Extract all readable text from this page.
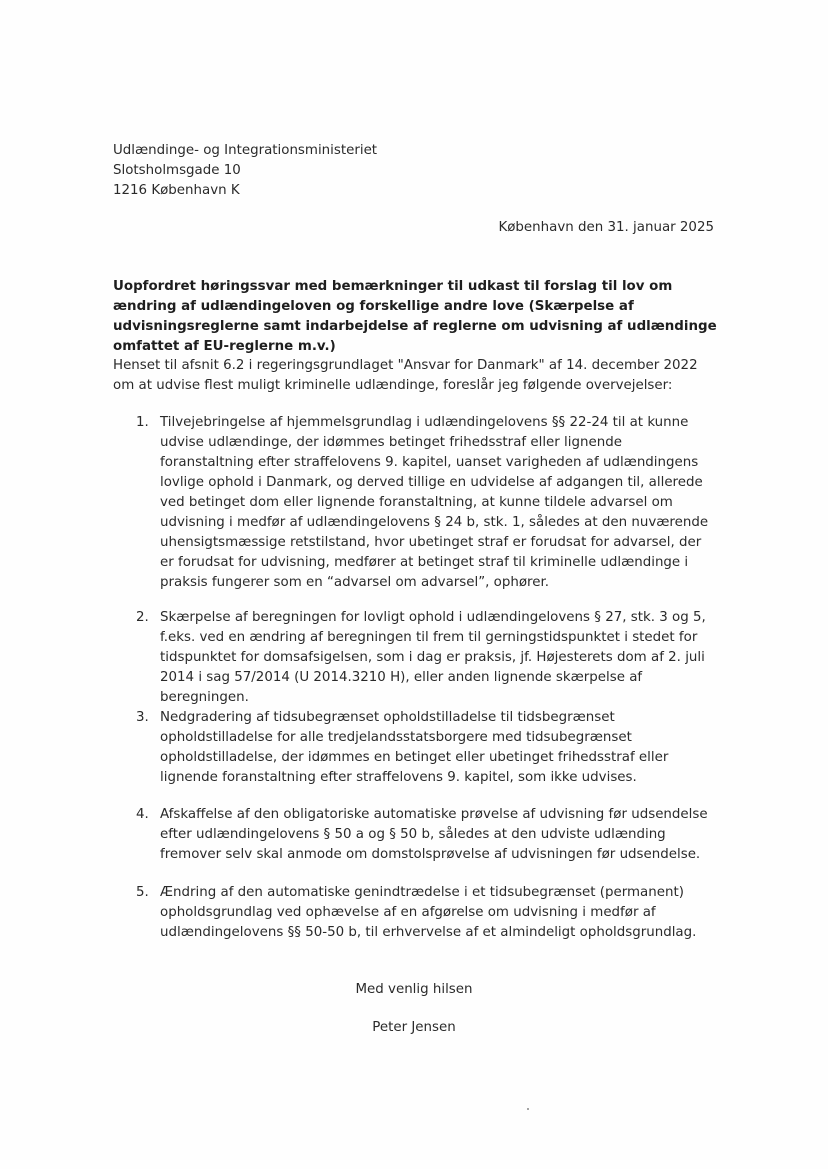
Udlændinge- og Integrationsministeriet
Slotsholmsgade 10
1216 København K
København den 31. januar 2025
Uopfordret høringssvar med bemærkninger til udkast til forslag til lov om ændring af udlændingeloven og forskellige andre love (Skærpelse af udvisningsreglerne samt indarbejdelse af reglerne om udvisning af udlændinge omfattet af EU-reglerne m.v.)
Henset til afsnit 6.2 i regeringsgrundlaget "Ansvar for Danmark" af 14. december 2022 om at udvise flest muligt kriminelle udlændinge, foreslår jeg følgende overvejelser:
1. Tilvejebringelse af hjemmelsgrundlag i udlændingelovens §§ 22-24 til at kunne udvise udlændinge, der idømmes betinget frihedsstraf eller lignende foranstaltning efter straffelovens 9. kapitel, uanset varigheden af udlændingens lovlige ophold i Danmark, og derved tillige en udvidelse af adgangen til, allerede ved betinget dom eller lignende foranstaltning, at kunne tildele advarsel om udvisning i medfør af udlændingelovens § 24 b, stk. 1, således at den nuværende uhensigtsmæssige retstilstand, hvor ubetinget straf er forudsat for advarsel, der er forudsat for udvisning, medfører at betinget straf til kriminelle udlændinge i praksis fungerer som en “advarsel om advarsel”, ophører.
2. Skærpelse af beregningen for lovligt ophold i udlændingelovens § 27, stk. 3 og 5, f.eks. ved en ændring af beregningen til frem til gerningstidspunktet i stedet for tidspunktet for domsafsigelsen, som i dag er praksis, jf. Højesterets dom af 2. juli 2014 i sag 57/2014 (U 2014.3210 H), eller anden lignende skærpelse af beregningen.
3. Nedgradering af tidsubegrænset opholdstilladelse til tidsbegrænset opholdstilladelse for alle tredjelandsstatsborgere med tidsubegrænset opholdstilladelse, der idømmes en betinget eller ubetinget frihedsstraf eller lignende foranstaltning efter straffelovens 9. kapitel, som ikke udvises.
4. Afskaffelse af den obligatoriske automatiske prøvelse af udvisning før udsendelse efter udlændingelovens § 50 a og § 50 b, således at den udviste udlænding fremover selv skal anmode om domstolsprøvelse af udvisningen før udsendelse.
5. Ændring af den automatiske genindtrædelse i et tidsubegrænset (permanent) opholdsgrundlag ved ophævelse af en afgørelse om udvisning i medfør af udlændingelovens §§ 50-50 b, til erhvervelse af et almindeligt opholdsgrundlag.
Med venlig hilsen
Peter Jensen
